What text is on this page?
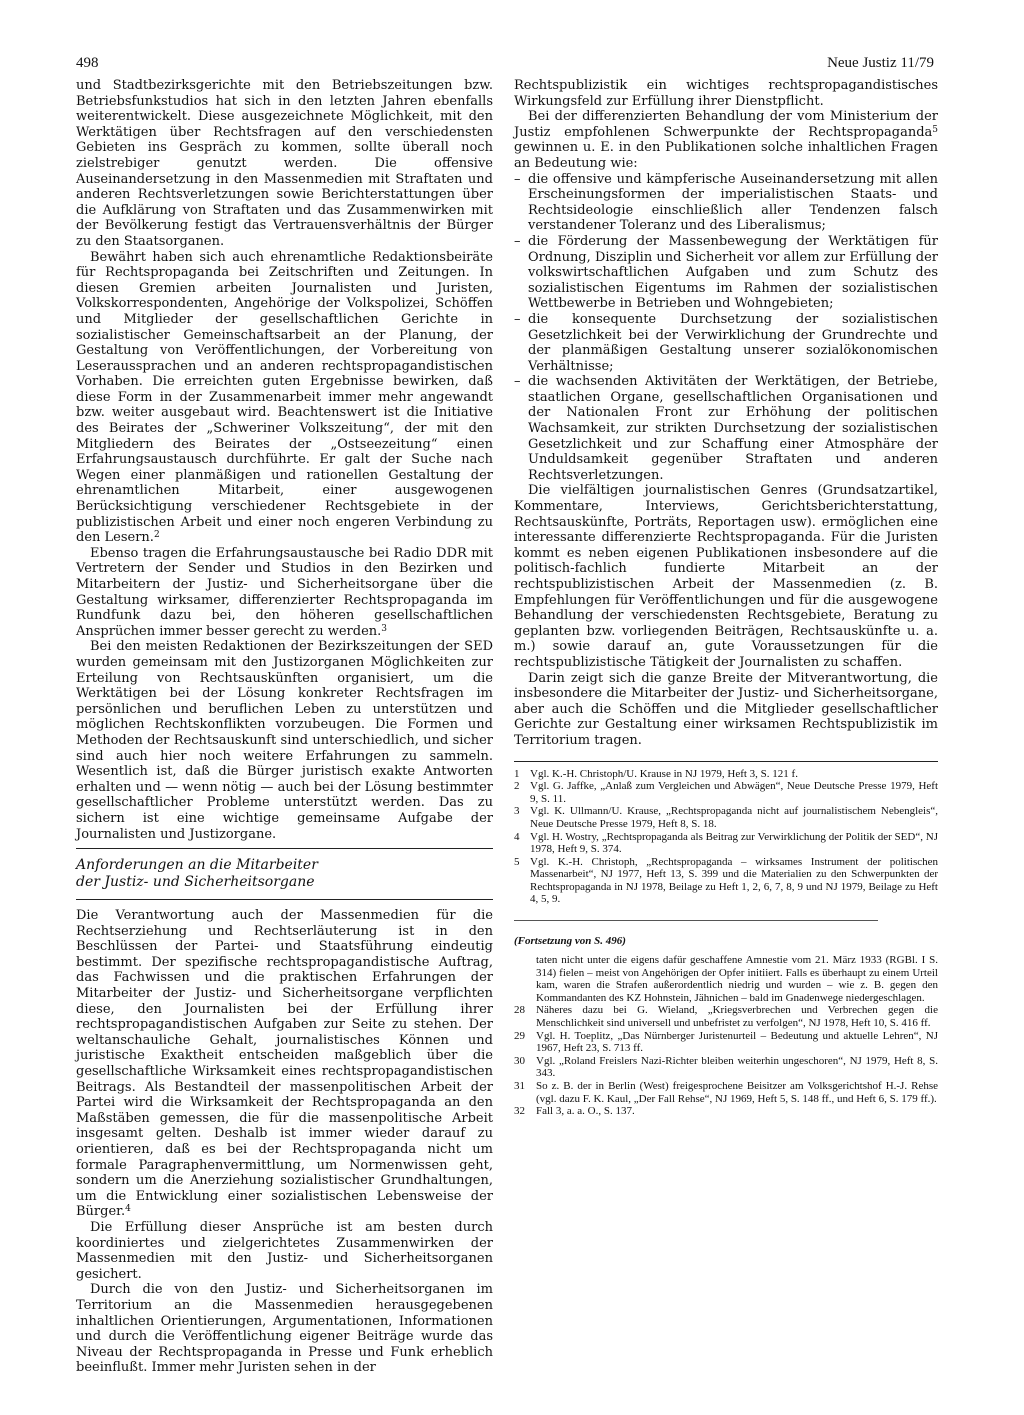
498	Neue Justiz 11/79

und Stadtbezirksgerichte mit den Betriebszeitungen bzw. Betriebsfunkstudios hat sich in den letzten Jahren ebenfalls weiterentwickelt. Diese ausgezeichnete Möglichkeit, mit den Werktätigen über Rechtsfragen auf den verschiedensten Gebieten ins Gespräch zu kommen, sollte überall noch zielstrebiger genutzt werden. Die offensive Auseinandersetzung in den Massenmedien mit Straftaten und anderen Rechtsverletzungen sowie Berichterstattungen über die Aufklärung von Straftaten und das Zusammenwirken mit der Bevölkerung festigt das Vertrauensverhältnis der Bürger zu den Staatsorganen.

Bewährt haben sich auch ehrenamtliche Redaktionsbeiräte für Rechtspropaganda bei Zeitschriften und Zeitungen. In diesen Gremien arbeiten Journalisten und Juristen, Volkskorrespondenten, Angehörige der Volkspolizei, Schöffen und Mitglieder der gesellschaftlichen Gerichte in sozialistischer Gemeinschaftsarbeit an der Planung, der Gestaltung von Veröffentlichungen, der Vorbereitung von Leseraussprachen und an anderen rechtspropagandistischen Vorhaben. Die erreichten guten Ergebnisse bewirken, daß diese Form in der Zusammenarbeit immer mehr angewandt bzw. weiter ausgebaut wird. Beachtenswert ist die Initiative des Beirates der „Schweriner Volkszeitung“, der mit den Mitgliedern des Beirates der „Ostseezeitung“ einen Erfahrungsaustausch durchführte. Er galt der Suche nach Wegen einer planmäßigen und rationellen Gestaltung der ehrenamtlichen Mitarbeit, einer ausgewogenen Berücksichtigung verschiedener Rechtsgebiete in der publizistischen Arbeit und einer noch engeren Verbindung zu den Lesern.$^2$

Ebenso tragen die Erfahrungsaustausche bei Radio DDR mit Vertretern der Sender und Studios in den Bezirken und Mitarbeitern der Justiz- und Sicherheitsorgane über die Gestaltung wirksamer, differenzierter Rechtspropaganda im Rundfunk dazu bei, den höheren gesellschaftlichen Ansprüchen immer besser gerecht zu werden.$^3$

Bei den meisten Redaktionen der Bezirkszeitungen der SED wurden gemeinsam mit den Justizorganen Möglichkeiten zur Erteilung von Rechtsauskünften organisiert, um die Werktätigen bei der Lösung konkreter Rechtsfragen im persönlichen und beruflichen Leben zu unterstützen und möglichen Rechtskonflikten vorzubeugen. Die Formen und Methoden der Rechtsauskunft sind unterschiedlich, und sicher sind auch hier noch weitere Erfahrungen zu sammeln. Wesentlich ist, daß die Bürger juristisch exakte Antworten erhalten und — wenn nötig — auch bei der Lösung bestimmter gesellschaftlicher Probleme unterstützt werden. Das zu sichern ist eine wichtige gemeinsame Aufgabe der Journalisten und Justizorgane.

Anforderungen an die Mitarbeiter
der Justiz- und Sicherheitsorgane

Die Verantwortung auch der Massenmedien für die Rechtserziehung und Rechtserläuterung ist in den Beschlüssen der Partei- und Staatsführung eindeutig bestimmt. Der spezifische rechtspropagandistische Auftrag, das Fachwissen und die praktischen Erfahrungen der Mitarbeiter der Justiz- und Sicherheitsorgane verpflichten diese, den Journalisten bei der Erfüllung ihrer rechtspropagandistischen Aufgaben zur Seite zu stehen. Der weltanschauliche Gehalt, journalistisches Können und juristische Exaktheit entscheiden maßgeblich über die gesellschaftliche Wirksamkeit eines rechtspropagandistischen Beitrags. Als Bestandteil der massenpolitischen Arbeit der Partei wird die Wirksamkeit der Rechtspropaganda an den Maßstäben gemessen, die für die massenpolitische Arbeit insgesamt gelten. Deshalb ist immer wieder darauf zu orientieren, daß es bei der Rechtspropaganda nicht um formale Paragraphenvermittlung, um Normenwissen geht, sondern um die Anerziehung sozialistischer Grundhaltungen, um die Entwicklung einer sozialistischen Lebensweise der Bürger.$^4$

Die Erfüllung dieser Ansprüche ist am besten durch koordiniertes und zielgerichtetes Zusammenwirken der Massenmedien mit den Justiz- und Sicherheitsorganen gesichert.

Durch die von den Justiz- und Sicherheitsorganen im Territorium an die Massenmedien herausgegebenen inhaltlichen Orientierungen, Argumentationen, Informationen und durch die Veröffentlichung eigener Beiträge wurde das Niveau der Rechtspropaganda in Presse und Funk erheblich beeinflußt. Immer mehr Juristen sehen in der

Rechtspublizistik ein wichtiges rechtspropagandistisches Wirkungsfeld zur Erfüllung ihrer Dienstpflicht.

Bei der differenzierten Behandlung der vom Ministerium der Justiz empfohlenen Schwerpunkte der Rechtspropaganda$^5$ gewinnen u. E. in den Publikationen solche inhaltlichen Fragen an Bedeutung wie:

– die offensive und kämpferische Auseinandersetzung mit allen Erscheinungsformen der imperialistischen Staats- und Rechtsideologie einschließlich aller Tendenzen falsch verstandener Toleranz und des Liberalismus;
– die Förderung der Massenbewegung der Werktätigen für Ordnung, Disziplin und Sicherheit vor allem zur Erfüllung der volkswirtschaftlichen Aufgaben und zum Schutz des sozialistischen Eigentums im Rahmen der sozialistischen Wettbewerbe in Betrieben und Wohngebieten;
– die konsequente Durchsetzung der sozialistischen Gesetzlichkeit bei der Verwirklichung der Grundrechte und der planmäßigen Gestaltung unserer sozialökonomischen Verhältnisse;
– die wachsenden Aktivitäten der Werktätigen, der Betriebe, staatlichen Organe, gesellschaftlichen Organisationen und der Nationalen Front zur Erhöhung der politischen Wachsamkeit, zur strikten Durchsetzung der sozialistischen Gesetzlichkeit und zur Schaffung einer Atmosphäre der Unduldsamkeit gegenüber Straftaten und anderen Rechtsverletzungen.

Die vielfältigen journalistischen Genres (Grundsatzartikel, Kommentare, Interviews, Gerichtsberichterstattung, Rechtsauskünfte, Porträts, Reportagen usw). ermöglichen eine interessante differenzierte Rechtspropaganda. Für die Juristen kommt es neben eigenen Publikationen insbesondere auf die politisch-fachlich fundierte Mitarbeit an der rechtspublizistischen Arbeit der Massenmedien (z. B. Empfehlungen für Veröffentlichungen und für die ausgewogene Behandlung der verschiedensten Rechtsgebiete, Beratung zu geplanten bzw. vorliegenden Beiträgen, Rechtsauskünfte u. a. m.) sowie darauf an, gute Voraussetzungen für die rechtspublizistische Tätigkeit der Journalisten zu schaffen.

Darin zeigt sich die ganze Breite der Mitverantwortung, die insbesondere die Mitarbeiter der Justiz- und Sicherheitsorgane, aber auch die Schöffen und die Mitglieder gesellschaftlicher Gerichte zur Gestaltung einer wirksamen Rechtspublizistik im Territorium tragen.

1 Vgl. K.-H. Christoph/U. Krause in NJ 1979, Heft 3, S. 121 f.
2 Vgl. G. Jaffke, „Anlaß zum Vergleichen und Abwägen“, Neue Deutsche Presse 1979, Heft 9, S. 11.
3 Vgl. K. Ullmann/U. Krause, „Rechtspropaganda nicht auf journalistischem Nebengleis“, Neue Deutsche Presse 1979, Heft 8, S. 18.
4 Vgl. H. Wostry, „Rechtspropaganda als Beitrag zur Verwirklichung der Politik der SED“, NJ 1978, Heft 9, S. 374.
5 Vgl. K.-H. Christoph, „Rechtspropaganda – wirksames Instrument der politischen Massenarbeit“, NJ 1977, Heft 13, S. 399 und die Materialien zu den Schwerpunkten der Rechtspropaganda in NJ 1978, Beilage zu Heft 1, 2, 6, 7, 8, 9 und NJ 1979, Beilage zu Heft 4, 5, 9.
(Fortsetzung von S. 496)
taten nicht unter die eigens dafür geschaffene Amnestie vom 21. März 1933 (RGBl. I S. 314) fielen – meist von Angehörigen der Opfer initiiert. Falls es überhaupt zu einem Urteil kam, waren die Strafen außerordentlich niedrig und wurden – wie z. B. gegen den Kommandanten des KZ Hohnstein, Jähnichen – bald im Gnadenwege niedergeschlagen.
28 Näheres dazu bei G. Wieland, „Kriegsverbrechen und Verbrechen gegen die Menschlichkeit sind universell und unbefristet zu verfolgen“, NJ 1978, Heft 10, S. 416 ff.
29 Vgl. H. Toeplitz, „Das Nürnberger Juristenurteil – Bedeutung und aktuelle Lehren“, NJ 1967, Heft 23, S. 713 ff.
30 Vgl. „Roland Freislers Nazi-Richter bleiben weiterhin ungeschoren“, NJ 1979, Heft 8, S. 343.
31 So z. B. der in Berlin (West) freigesprochene Beisitzer am Volksgerichtshof H.-J. Rehse (vgl. dazu F. K. Kaul, „Der Fall Rehse“, NJ 1969, Heft 5, S. 148 ff., und Heft 6, S. 179 ff.).
32 Fall 3, a. a. O., S. 137.
